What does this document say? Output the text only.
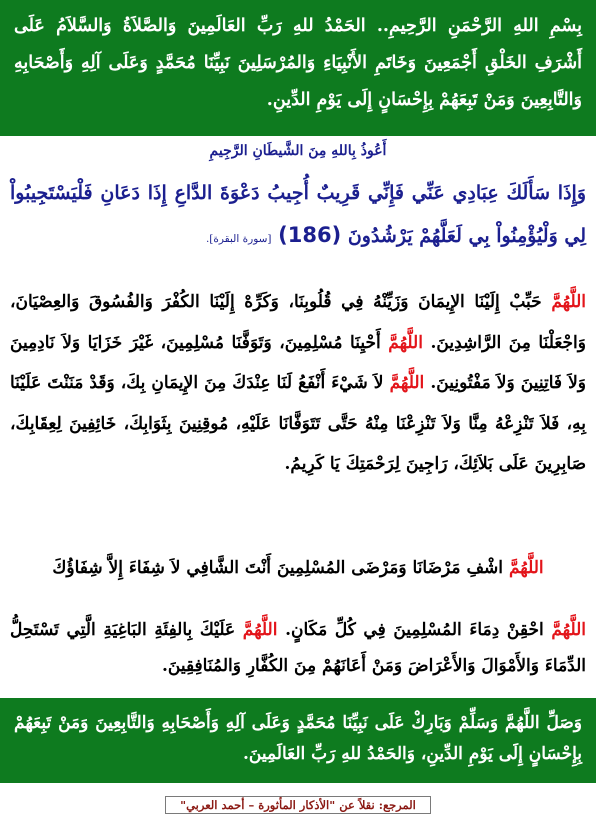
بِسْمِ اللهِ الرَّحْمَنِ الرَّحِيمِ.. الحَمْدُ للهِ رَبِّ العَالَمِينَ وَالصَّلاَةُ وَالسَّلاَمُ عَلَى أَشْرَفِ الخَلْقِ أَجْمَعِينَ وَخَاتَمِ الأَنْبِيَاءِ وَالمُرْسَلِينَ نَبِيِّنَا مُحَمَّدٍ وَعَلَى آلِهِ وَأَصْحَابِهِ وَالتَّابِعِينَ وَمَنْ تَبِعَهُمْ بِإِحْسَانٍ إِلَى يَوْمِ الدِّينِ.

أَعُوذُ بِاللهِ مِنَ الشَّيطَانِ الرَّجِيمِ
وَإِذَا سَأَلَكَ عِبَادِي عَنِّي فَإِنِّي قَرِيبٌ أُجِيبُ دَعْوَةَ الدَّاعِ إِذَا دَعَانِ فَلْيَسْتَجِيبُواْ لِي وَلْيُؤْمِنُواْ بِي لَعَلَّهُمْ يَرْشُدُونَ (186) [سورة البقرة].
اللَّهُمَّ حَبِّبْ إِلَيْنَا الإِيمَانَ وَزَيِّنْهُ فِي قُلُوبِنَا، وَكَرِّهْ إِلَيْنَا الكُفْرَ وَالفُسُوقَ وَالعِصْيَانَ، وَاجْعَلْنَا مِنَ الرَّاشِدِينَ. اللَّهُمَّ أَحْيِنَا مُسْلِمِينَ، وَتَوَفَّنَا مُسْلِمِينَ، غَيْرَ خَزَايَا وَلاَ نَادِمِينَ وَلاَ فَاتِنِينَ وَلاَ مَفْتُونِينَ. اللَّهُمَّ لاَ شَيْءَ أَنْفَعُ لَنَا عِنْدَكَ مِنَ الإِيمَانِ بِكَ، وَقَدْ مَنَنْتَ عَلَيْنَا بِهِ، فَلاَ تَنْزِعْهُ مِنَّا وَلاَ تَنْزِعْنَا مِنْهُ حَتَّى تَتَوَفَّانَا عَلَيْهِ، مُوقِنِينَ بِثَوَابِكَ، خَائِفِينَ لِعِقَابِكَ، صَابِرِينَ عَلَى بَلاَئِكَ، رَاجِينَ لِرَحْمَتِكَ يَا كَرِيمُ.
اللَّهُمَّ اشْفِ مَرْضَانَا وَمَرْضَى المُسْلِمِينَ أَنْتَ الشَّافِي لاَ شِفَاءَ إِلاَّ شِفَاؤُكَ
اللَّهُمَّ احْقِنْ دِمَاءَ المُسْلِمِينَ فِي كُلِّ مَكَانٍ. اللَّهُمَّ عَلَيْكَ بِالفِئَةِ البَاغِيَةِ الَّتِي تَسْتَحِلُّ الدِّمَاءَ وَالأَمْوَالَ وَالأَعْرَاضَ وَمَنْ أَعَانَهُمْ مِنَ الكُفَّارِ وَالمُنَافِقِينَ.

وَصَلِّ اللَّهُمَّ وَسَلِّمْ وَبَارِكْ عَلَى نَبِيِّنَا مُحَمَّدٍ وَعَلَى آلِهِ وَأَصْحَابِهِ وَالتَّابِعِينَ وَمَنْ تَبِعَهُمْ بِإِحْسَانٍ إِلَى يَوْمِ الدِّينِ، وَالحَمْدُ للهِ رَبِّ العَالَمِينَ.

المرجع: نقلاً عن "الأذكار المأثورة – أحمد العربي"
